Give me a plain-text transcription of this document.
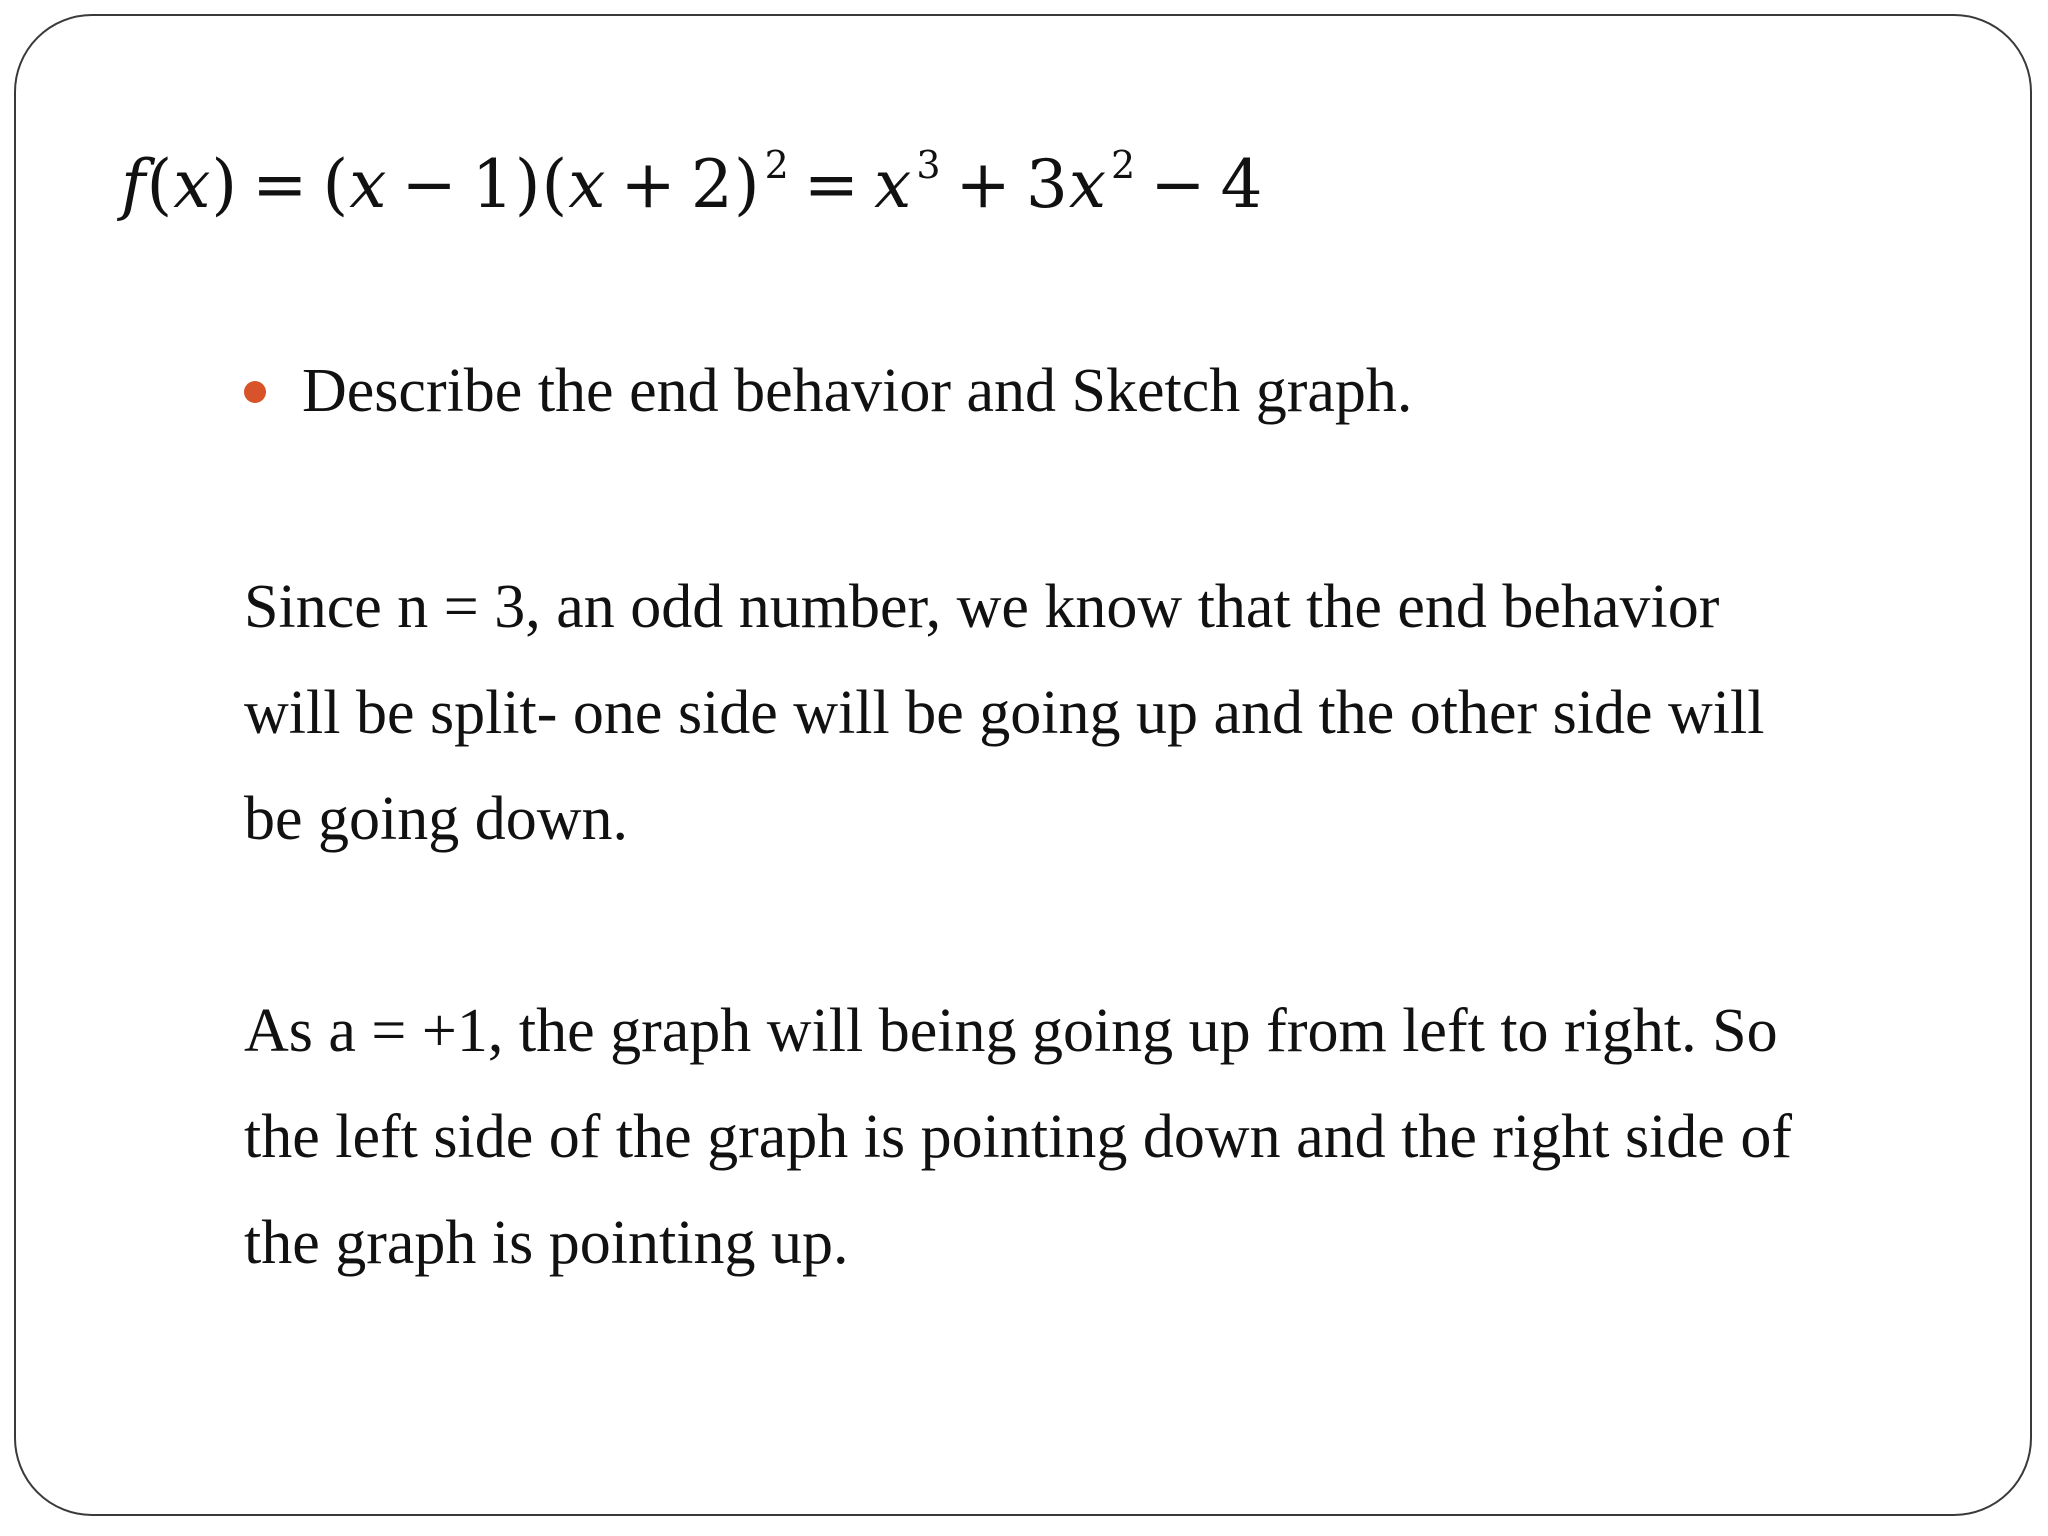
f(x) = (x − 1)(x + 2) $^2$ = x $^3$ + 3x $^2$ − 4
Describe the end behavior and Sketch graph.
Since n = 3, an odd number, we know that the end behavior
will be split- one side will be going up and the other side will
be going down.
As a = +1, the graph will being going up from left to right. So
the left side of the graph is pointing down and the right side of
the graph is pointing up.
